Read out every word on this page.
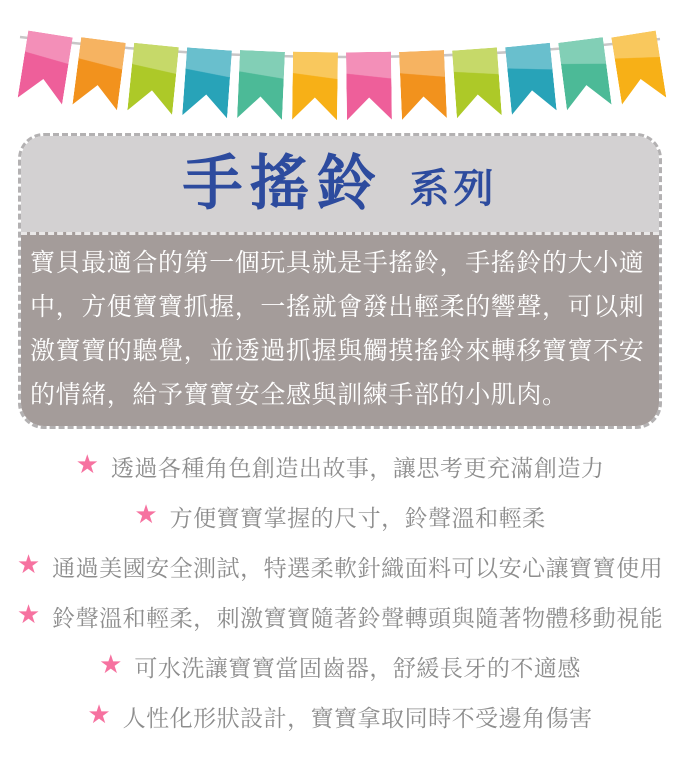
手搖鈴 系列
寶貝最適合的第一個玩具就是手搖鈴，手搖鈴的大小適
中，方便寶寶抓握，一搖就會發出輕柔的響聲，可以刺
激寶寶的聽覺，並透過抓握與觸摸搖鈴來轉移寶寶不安
的情緒，給予寶寶安全感與訓練手部的小肌肉。
★ 透過各種角色創造出故事，讓思考更充滿創造力
★ 方便寶寶掌握的尺寸，鈴聲溫和輕柔
★ 通過美國安全測試，特選柔軟針織面料可以安心讓寶寶使用
★ 鈴聲溫和輕柔，刺激寶寶隨著鈴聲轉頭與隨著物體移動視能
★ 可水洗讓寶寶當固齒器，舒緩長牙的不適感
★ 人性化形狀設計，寶寶拿取同時不受邊角傷害
